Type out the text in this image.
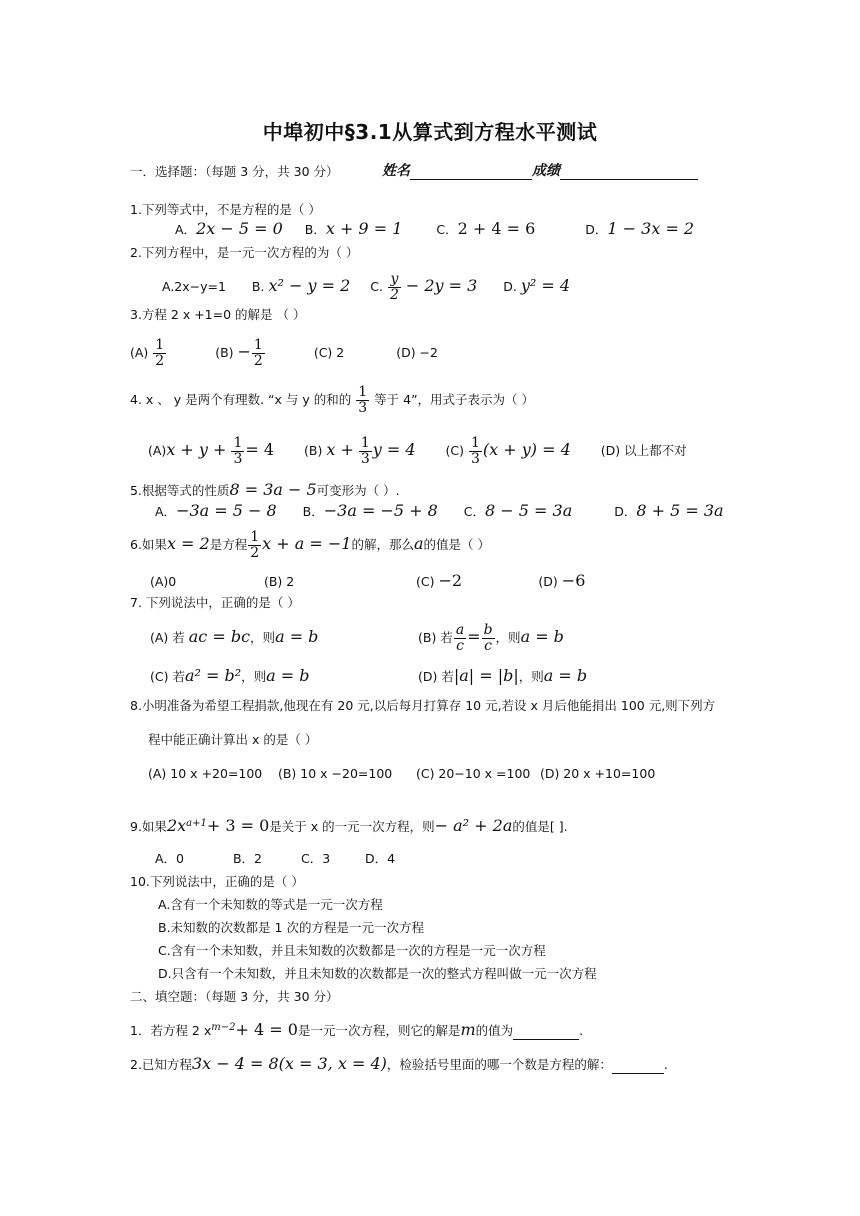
中埠初中§3.1从算式到方程水平测试
一．选择题：（每题 3 分，共 30 分）	姓名	成绩
1.下列等式中，不是方程的是（ ）
A．2x − 5 = 0 B．x + 9 = 1	C．2 + 4 = 6	D．1 − 3x = 2
2.下列方程中，是一元一次方程的为（ ）
A.2x−y=1 B. x² − y = 2 C. $\frac{y}{2} - 2y = 3$ D. y² = 4
3.方程 2 x +1=0 的解是 （ ）
$(A) \frac{1}{2}$	$(B) - \frac{1}{2}$	(C) 2	(D) −2
4. x 、 y 是两个有理数. “x 与 y 的和的 $\frac{1}{3}$ 等于 4”，用式子表示为（ ）
$(A)x + y + \frac{1}{3} = 4$ (B) $x + \frac{1}{3}$ y = 4 $(C) \frac{1}{3} (x + y) = 4$ (D) 以上都不对
5.根据等式的性质8 = 3a − 5可变形为（ ）.
A．−3a = 5 − 8 B．−3a = −5 + 8 C．8 − 5 = 3a	D．8 + 5 = 3a
6.如果x = 2是方程 $\frac{1}{2}$ x + a = −1的解，那么a的值是（ ）
(A)0	(B) 2	(C) −2	(D) −6
7. 下列说法中，正确的是（ ）
(A) 若 ac = bc，则a = b	(B) 若 $\frac{a}{c} = \frac{b}{c}$ ，则a = b
(C) 若a² = b²，则a = b	(D) 若|a| = |b|，则a = b
8.小明准备为希望工程捐款,他现在有 20 元,以后每月打算存 10 元,若设 x 月后他能捐出 100 元,则下列方
程中能正确计算出 x 的是（ ）
(A) 10 x +20=100 (B) 10 x −20=100 (C) 20−10 x =100 (D) 20 x +10=100
9.如果$2x^{a+1}+ 3 = 0$是关于 x 的一元一次方程，则− a² + 2a的值是[ ].
A．0	B．2	C．3	D．4
10.下列说法中，正确的是（ ）
A.含有一个未知数的等式是一元一次方程
B.未知数的次数都是 1 次的方程是一元一次方程
C.含有一个未知数，并且未知数的次数都是一次的方程是一元一次方程
D.只含有一个未知数，并且未知数的次数都是一次的整式方程叫做一元一次方程
二、填空题：（每题 3 分，共 30 分）
1．若方程 2 $x^{m-2}+ 4 = 0$是一元一次方程，则它的解是m的值为	.
2.已知方程3x − 4 = 8(x = 3, x = 4)，检验括号里面的哪一个数是方程的解：	.
